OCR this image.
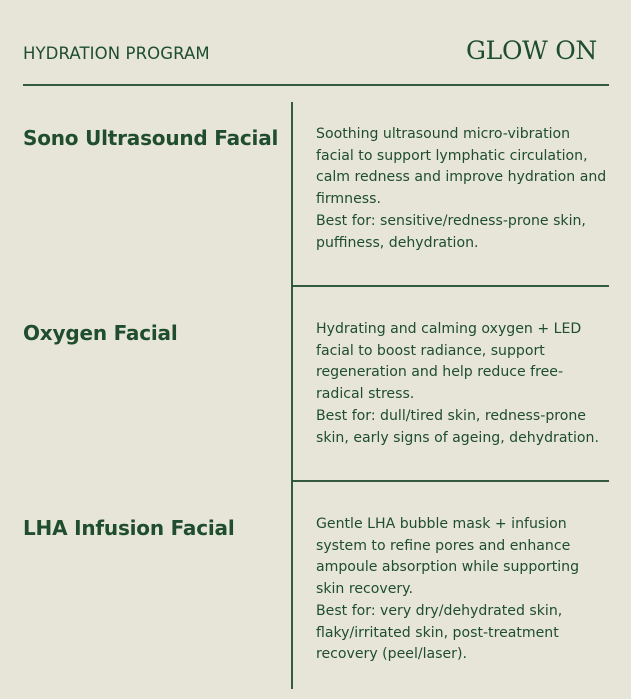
HYDRATION PROGRAM	GLOW ON
Sono Ultrasound Facial	Soothing ultrasound micro-vibration facial to support lymphatic circulation, calm redness and improve hydration and firmness.

Best for: sensitive/redness-prone skin, puffiness, dehydration.

Oxygen Facial	Hydrating and calming oxygen + LED facial to boost radiance, support regeneration and help reduce free-radical stress.

Best for: dull/tired skin, redness-prone skin, early signs of ageing, dehydration.

LHA Infusion Facial	Gentle LHA bubble mask + infusion system to refine pores and enhance ampoule absorption while supporting skin recovery.

Best for: very dry/dehydrated skin, flaky/irritated skin, post-treatment recovery (peel/laser).
